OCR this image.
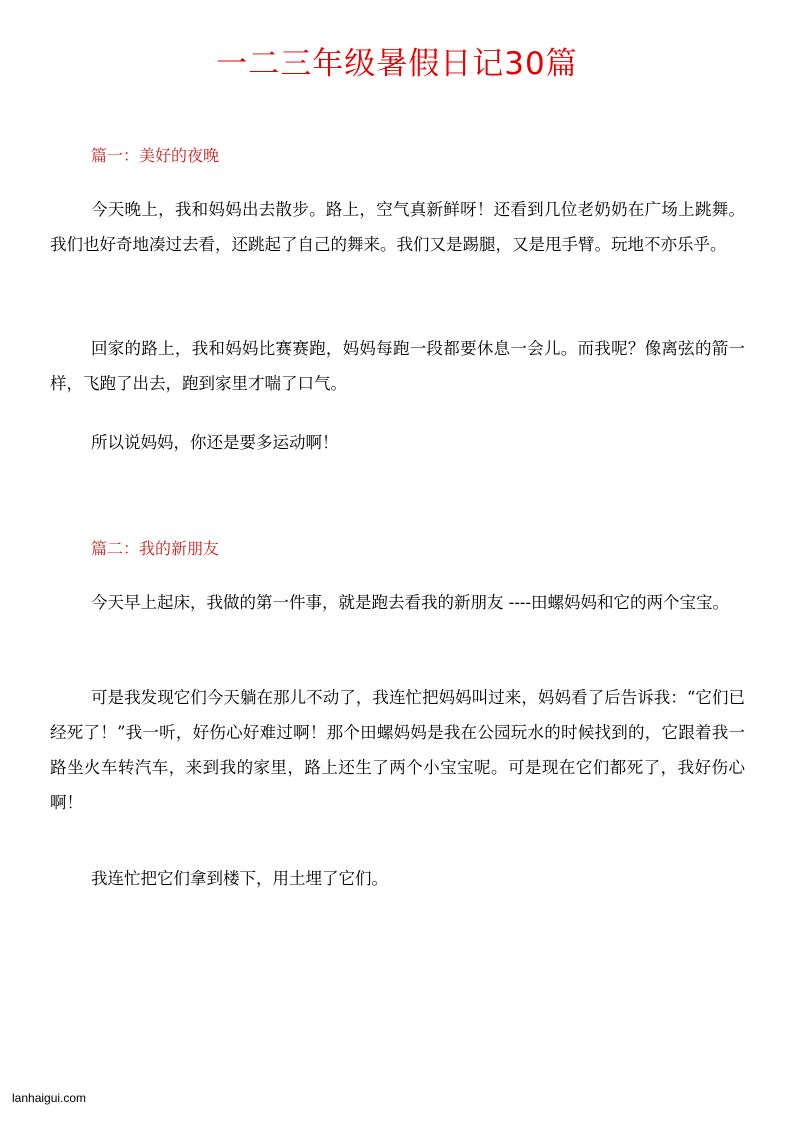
一二三年级暑假日记30篇
篇一：美好的夜晚

今天晚上，我和妈妈出去散步。路上，空气真新鲜呀！还看到几位老奶奶在广场上跳舞。我们也好奇地凑过去看，还跳起了自己的舞来。我们又是踢腿，又是甩手臂。玩地不亦乐乎。

回家的路上，我和妈妈比赛赛跑，妈妈每跑一段都要休息一会儿。而我呢？像离弦的箭一样，飞跑了出去，跑到家里才喘了口气。

所以说妈妈，你还是要多运动啊！

篇二：我的新朋友

今天早上起床，我做的第一件事，就是跑去看我的新朋友 ----田螺妈妈和它的两个宝宝。

可是我发现它们今天躺在那儿不动了，我连忙把妈妈叫过来，妈妈看了后告诉我：“它们已经死了！”我一听，好伤心好难过啊！那个田螺妈妈是我在公园玩水的时候找到的，它跟着我一路坐火车转汽车，来到我的家里，路上还生了两个小宝宝呢。可是现在它们都死了，我好伤心啊！

我连忙把它们拿到楼下，用土埋了它们。

lanhaigui.com
